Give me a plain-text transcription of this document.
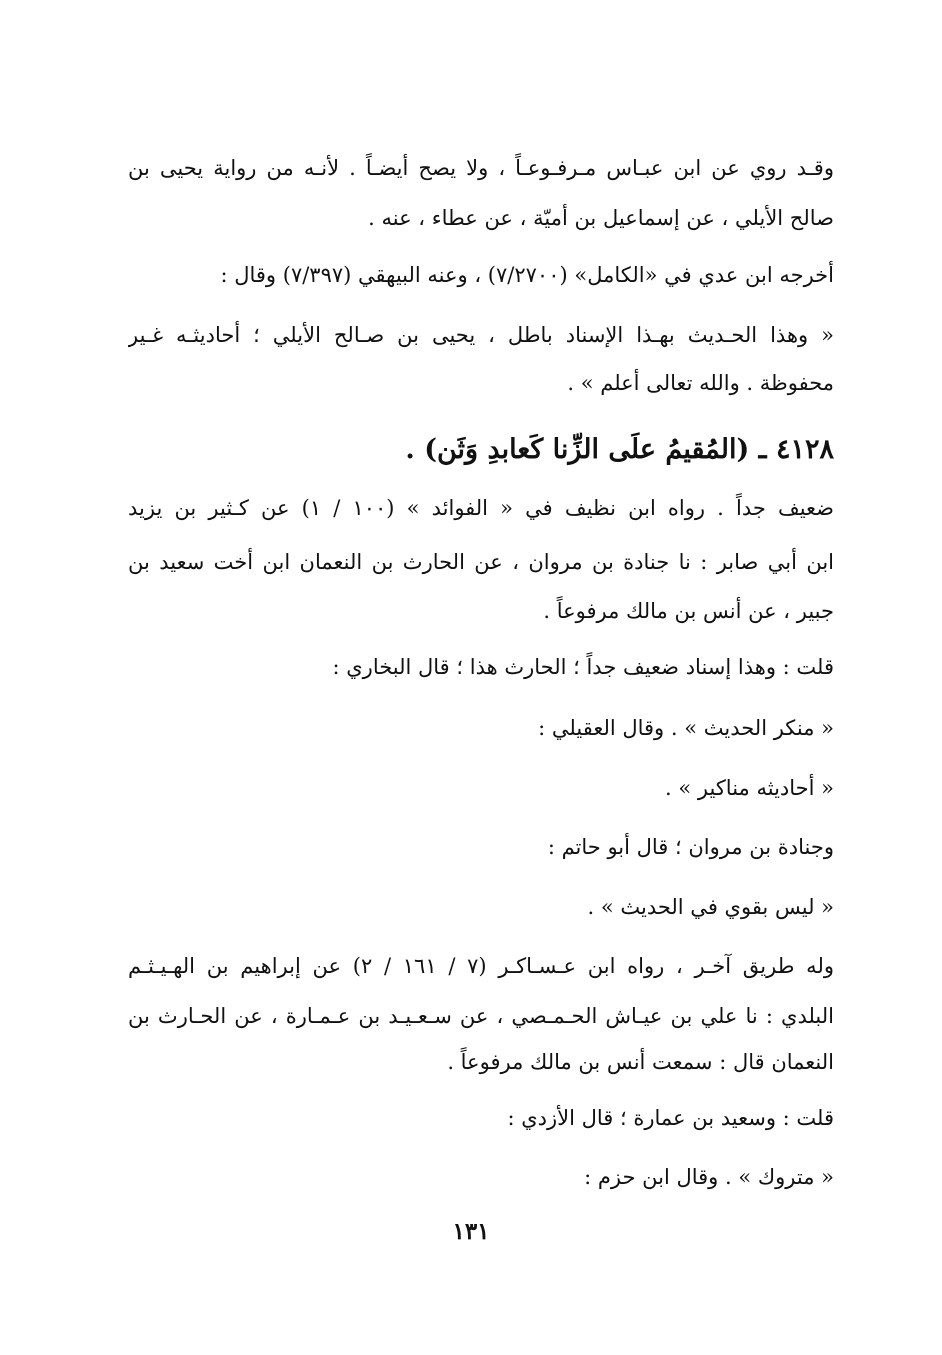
وقـد روي عن ابن عبـاس مـرفـوعـاً ، ولا يصح أيضـاً . لأنـه من رواية يحيى بن
صالح الأيلي ، عن إسماعيل بن أميّة ، عن عطاء ، عنه .
أخرجه ابن عدي في «الكامل» (٧/٢٧٠٠) ، وعنه البيهقي (٧/٣٩٧) وقال :
« وهذا الحـديث بهـذا الإسناد باطل ، يحيى بن صـالح الأيلي ؛ أحاديثـه غـير
محفوظة . والله تعالى أعلم » .
٤١٢٨ ـ (المُقيمُ علَى الزِّنا كَعابدِ وَثَن) .
ضعيف جداً . رواه ابن نظيف في « الفوائد » (١٠٠ / ١) عن كـثير بن يزيد
ابن أبي صابر : نا جنادة بن مروان ، عن الحارث بن النعمان ابن أخت سعيد بن
جبير ، عن أنس بن مالك مرفوعاً .
قلت : وهذا إسناد ضعيف جداً ؛ الحارث هذا ؛ قال البخاري :
« منكر الحديث » . وقال العقيلي :
« أحاديثه مناكير » .
وجنادة بن مروان ؛ قال أبو حاتم :
« ليس بقوي في الحديث » .
وله طريق آخـر ، رواه ابن عـسـاكـر (٧ / ١٦١ / ٢) عن إبراهيم بن الهـيـثـم
البلدي : نا علي بن عيـاش الحـمـصي ، عن سـعـيـد بن عـمـارة ، عن الحـارث بن
النعمان قال : سمعت أنس بن مالك مرفوعاً .
قلت : وسعيد بن عمارة ؛ قال الأزدي :
« متروك » . وقال ابن حزم :
١٣١
